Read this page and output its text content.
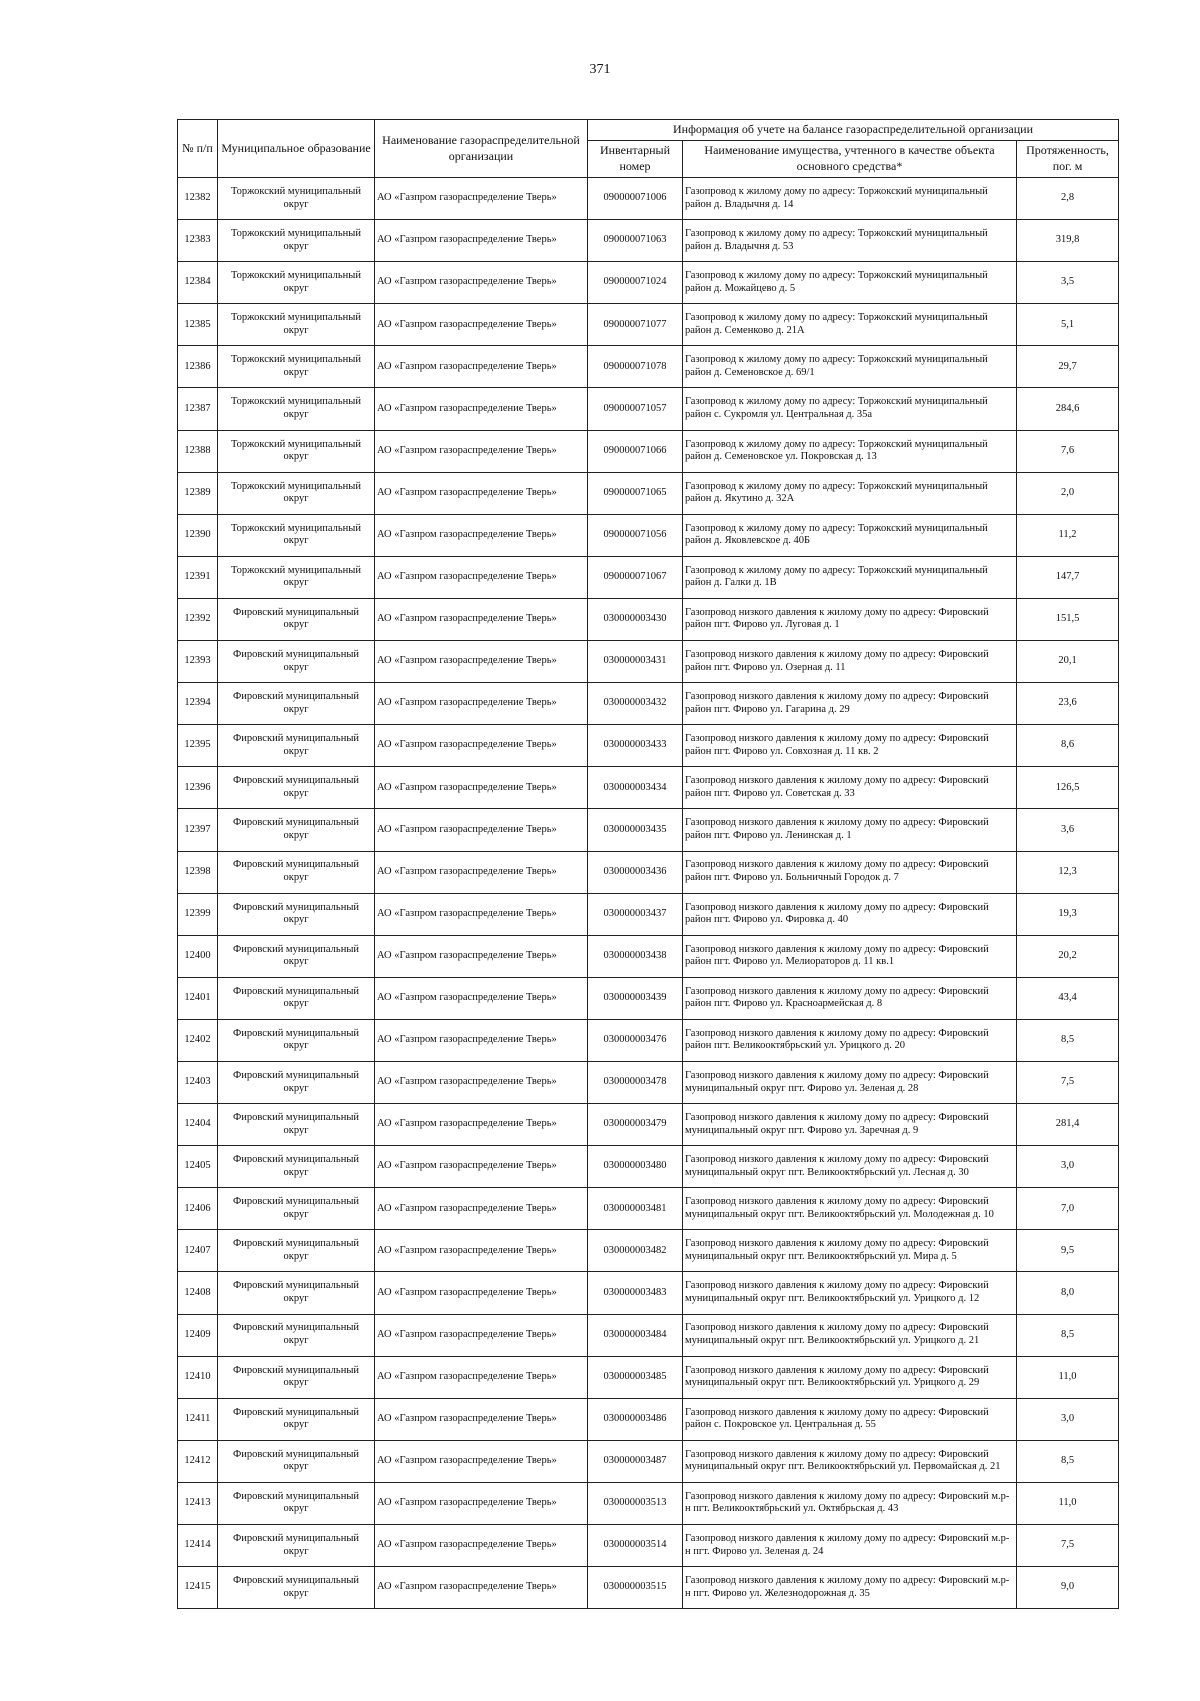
371
№ п/п	Муниципальное образование	Наименование газораспределительной организации	Информация об учете на балансе газораспределительной организации		
			Инвентарный номер	Наименование имущества, учтенного в качестве объекта основного средства*	Протяженность, пог. м
12382	Торжокский муниципальный округ	АО «Газпром газораспределение Тверь»	090000071006	Газопровод к жилому дому по адресу: Торжокский муниципальный район д. Владычня д. 14	2,8
12383	Торжокский муниципальный округ	АО «Газпром газораспределение Тверь»	090000071063	Газопровод к жилому дому по адресу: Торжокский муниципальный район д. Владычня д. 53	319,8
12384	Торжокский муниципальный округ	АО «Газпром газораспределение Тверь»	090000071024	Газопровод к жилому дому по адресу: Торжокский муниципальный район д. Можайцево д. 5	3,5
12385	Торжокский муниципальный округ	АО «Газпром газораспределение Тверь»	090000071077	Газопровод к жилому дому по адресу: Торжокский муниципальный район д. Семенково д. 21А	5,1
12386	Торжокский муниципальный округ	АО «Газпром газораспределение Тверь»	090000071078	Газопровод к жилому дому по адресу: Торжокский муниципальный район д. Семеновское д. 69/1	29,7
12387	Торжокский муниципальный округ	АО «Газпром газораспределение Тверь»	090000071057	Газопровод к жилому дому по адресу: Торжокский муниципальный район с. Сукромля ул. Центральная д. 35а	284,6
12388	Торжокский муниципальный округ	АО «Газпром газораспределение Тверь»	090000071066	Газопровод к жилому дому по адресу: Торжокский муниципальный район д. Семеновское ул. Покровская д. 13	7,6
12389	Торжокский муниципальный округ	АО «Газпром газораспределение Тверь»	090000071065	Газопровод к жилому дому по адресу: Торжокский муниципальный район д. Якутино д. 32А	2,0
12390	Торжокский муниципальный округ	АО «Газпром газораспределение Тверь»	090000071056	Газопровод к жилому дому по адресу: Торжокский муниципальный район д. Яковлевское д. 40Б	11,2
12391	Торжокский муниципальный округ	АО «Газпром газораспределение Тверь»	090000071067	Газопровод к жилому дому по адресу: Торжокский муниципальный район д. Галки д. 1В	147,7
12392	Фировский муниципальный округ	АО «Газпром газораспределение Тверь»	030000003430	Газопровод низкого давления к жилому дому по адресу: Фировский район пгт. Фирово ул. Луговая д. 1	151,5
12393	Фировский муниципальный округ	АО «Газпром газораспределение Тверь»	030000003431	Газопровод низкого давления к жилому дому по адресу: Фировский район пгт. Фирово ул. Озерная д. 11	20,1
12394	Фировский муниципальный округ	АО «Газпром газораспределение Тверь»	030000003432	Газопровод низкого давления к жилому дому по адресу: Фировский район пгт. Фирово ул. Гагарина д. 29	23,6
12395	Фировский муниципальный округ	АО «Газпром газораспределение Тверь»	030000003433	Газопровод низкого давления к жилому дому по адресу: Фировский район пгт. Фирово ул. Совхозная д. 11 кв. 2	8,6
12396	Фировский муниципальный округ	АО «Газпром газораспределение Тверь»	030000003434	Газопровод низкого давления к жилому дому по адресу: Фировский район пгт. Фирово ул. Советская д. 33	126,5
12397	Фировский муниципальный округ	АО «Газпром газораспределение Тверь»	030000003435	Газопровод низкого давления к жилому дому по адресу: Фировский район пгт. Фирово ул. Ленинская д. 1	3,6
12398	Фировский муниципальный округ	АО «Газпром газораспределение Тверь»	030000003436	Газопровод низкого давления к жилому дому по адресу: Фировский район пгт. Фирово ул. Больничный Городок д. 7	12,3
12399	Фировский муниципальный округ	АО «Газпром газораспределение Тверь»	030000003437	Газопровод низкого давления к жилому дому по адресу: Фировский район пгт. Фирово ул. Фировка д. 40	19,3
12400	Фировский муниципальный округ	АО «Газпром газораспределение Тверь»	030000003438	Газопровод низкого давления к жилому дому по адресу: Фировский район пгт. Фирово ул. Мелиораторов д. 11 кв.1	20,2
12401	Фировский муниципальный округ	АО «Газпром газораспределение Тверь»	030000003439	Газопровод низкого давления к жилому дому по адресу: Фировский район пгт. Фирово ул. Красноармейская д. 8	43,4
12402	Фировский муниципальный округ	АО «Газпром газораспределение Тверь»	030000003476	Газопровод низкого давления к жилому дому по адресу: Фировский район пгт. Великооктябрьский ул. Урицкого д. 20	8,5
12403	Фировский муниципальный округ	АО «Газпром газораспределение Тверь»	030000003478	Газопровод низкого давления к жилому дому по адресу: Фировский муниципальный округ пгт. Фирово ул. Зеленая д. 28	7,5
12404	Фировский муниципальный округ	АО «Газпром газораспределение Тверь»	030000003479	Газопровод низкого давления к жилому дому по адресу: Фировский муниципальный округ пгт. Фирово ул. Заречная д. 9	281,4
12405	Фировский муниципальный округ	АО «Газпром газораспределение Тверь»	030000003480	Газопровод низкого давления к жилому дому по адресу: Фировский муниципальный округ пгт. Великооктябрьский ул. Лесная д. 30	3,0
12406	Фировский муниципальный округ	АО «Газпром газораспределение Тверь»	030000003481	Газопровод низкого давления к жилому дому по адресу: Фировский муниципальный округ пгт. Великооктябрьский ул. Молодежная д. 10	7,0
12407	Фировский муниципальный округ	АО «Газпром газораспределение Тверь»	030000003482	Газопровод низкого давления к жилому дому по адресу: Фировский муниципальный округ пгт. Великооктябрьский ул. Мира д. 5	9,5
12408	Фировский муниципальный округ	АО «Газпром газораспределение Тверь»	030000003483	Газопровод низкого давления к жилому дому по адресу: Фировский муниципальный округ пгт. Великооктябрьский ул. Урицкого д. 12	8,0
12409	Фировский муниципальный округ	АО «Газпром газораспределение Тверь»	030000003484	Газопровод низкого давления к жилому дому по адресу: Фировский муниципальный округ пгт. Великооктябрьский ул. Урицкого д. 21	8,5
12410	Фировский муниципальный округ	АО «Газпром газораспределение Тверь»	030000003485	Газопровод низкого давления к жилому дому по адресу: Фировский муниципальный округ пгт. Великооктябрьский ул. Урицкого д. 29	11,0
12411	Фировский муниципальный округ	АО «Газпром газораспределение Тверь»	030000003486	Газопровод низкого давления к жилому дому по адресу: Фировский район с. Покровское ул. Центральная д. 55	3,0
12412	Фировский муниципальный округ	АО «Газпром газораспределение Тверь»	030000003487	Газопровод низкого давления к жилому дому по адресу: Фировский муниципальный округ пгт. Великооктябрьский ул. Первомайская д. 21	8,5
12413	Фировский муниципальный округ	АО «Газпром газораспределение Тверь»	030000003513	Газопровод низкого давления к жилому дому по адресу: Фировский м.р-н пгт. Великооктябрьский ул. Октябрьская д. 43	11,0
12414	Фировский муниципальный округ	АО «Газпром газораспределение Тверь»	030000003514	Газопровод низкого давления к жилому дому по адресу: Фировский м.р-н пгт. Фирово ул. Зеленая д. 24	7,5
12415	Фировский муниципальный округ	АО «Газпром газораспределение Тверь»	030000003515	Газопровод низкого давления к жилому дому по адресу: Фировский м.р-н пгт. Фирово ул. Железнодорожная д. 35	9,0
